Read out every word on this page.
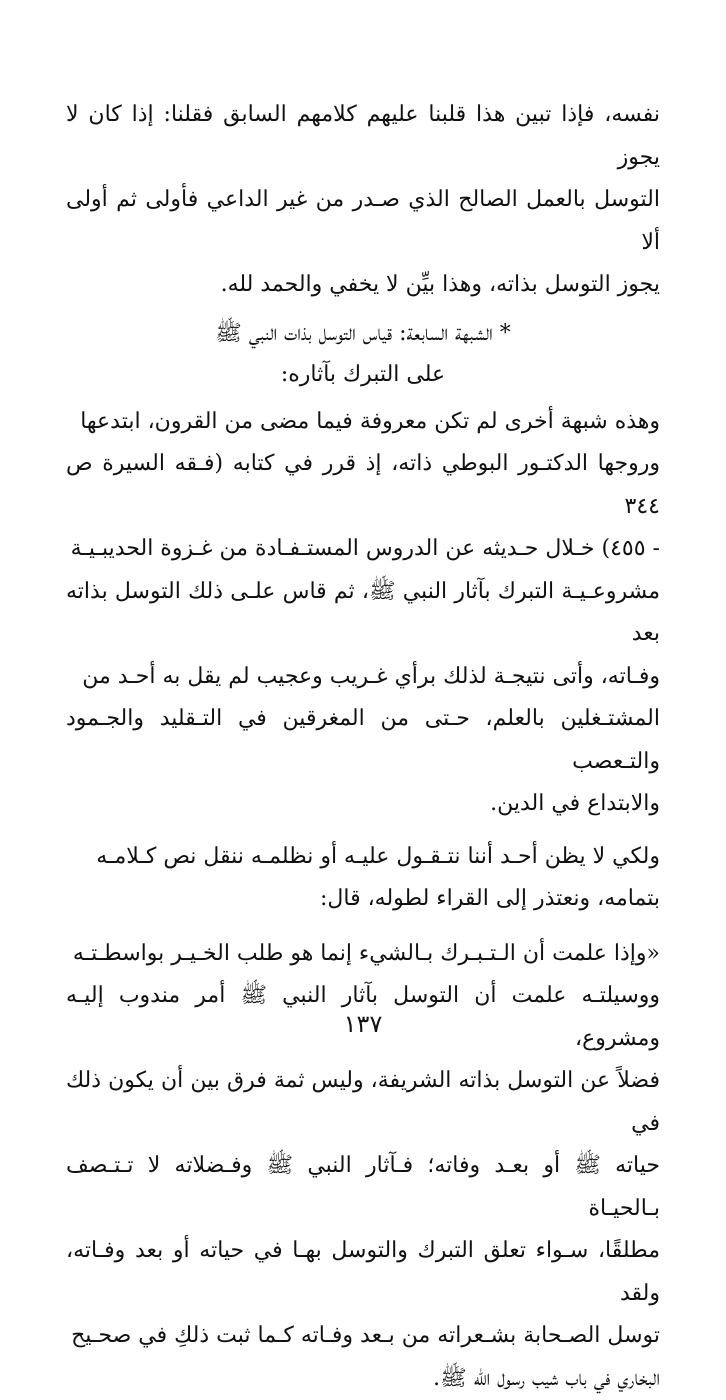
نفسه، فإذا تبين هذا قلبنا عليهم كلامهم السابق فقلنا: إذا كان لا يجوز
التوسل بالعمل الصالح الذي صـدر من غير الداعي فأولى ثم أولى ألا
يجوز التوسل بذاته، وهذا بيِّن لا يخفي والحمد لله.

* الشبهة السابعة: قياس التوسل بذات النبي ﷺ
على التبرك بآثاره:

وهذه شبهة أخرى لم تكن معروفة فيما مضى من القرون، ابتدعها
وروجها الدكتـور البوطي ذاته، إذ قرر في كتابه (فـقه السيرة ص ٣٤٤
- ٤٥٥) خـلال حـديثه عن الدروس المستـفـادة من غـزوة الحديبـيـة
مشروعـيـة التبرك بآثار النبي ﷺ، ثم قاس علـى ذلك التوسل بذاته بعد
وفـاته، وأتى نتيجـة لذلك برأي غـريب وعجيب لم يقل به أحـد من
المشتـغلين بالعلم، حـتى من المغرقين في التـقليد والجـمود والتـعصب
والابتداع في الدين.

ولكي لا يظن أحـد أننا نتـقـول عليـه أو نظلمـه ننقل نص كـلامـه
بتمامه، ونعتذر إلى القراء لطوله، قال:

«وإذا علمت أن الـتـبـرك بـالشيء إنما هو طلب الخـيـر بواسطـتـه
ووسيلتـه علمت أن التوسل بآثار النبي ﷺ أمر مندوب إليـه ومشروع،
فضلاً عن التوسل بذاته الشريفة، وليس ثمة فرق بين أن يكون ذلك في
حياته ﷺ أو بعـد وفاته؛ فـآثار النبي ﷺ وفـضلاته لا تـتـصف بـالحيـاة
مطلقًا، سـواء تعلق التبرك والتوسل بهـا في حياته أو بعد وفـاته، ولقد
توسل الصـحابة بشـعراته من بـعد وفـاته كـما ثبت ذلكِ في صحـيح
البخاري في باب شيب رسول الله ﷺ.

١٣٧
